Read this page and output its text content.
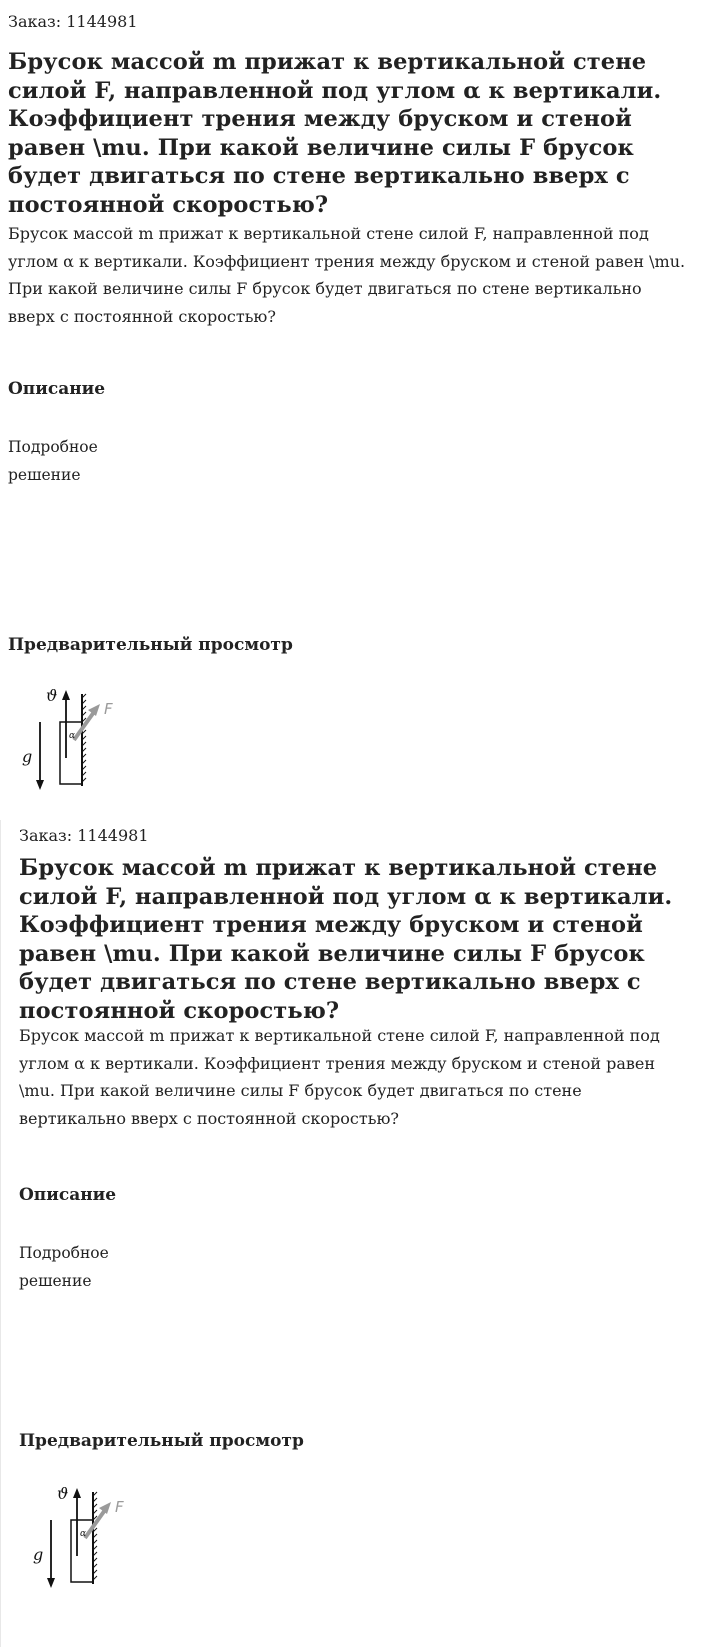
Заказ: 1144981
Брусок массой m прижат к вертикальной стене силой F, направленной под углом α к вертикали. Коэффициент трения между бруском и стеной равен \mu. При какой величине силы F брусок будет двигаться по стене вертикально вверх с постоянной скоростью?
Брусок массой m прижат к вертикальной стене силой F, направленной под углом α к вертикали. Коэффициент трения между бруском и стеной равен \mu. При какой величине силы F брусок будет двигаться по стене вертикально вверх с постоянной скоростью?
Описание
Подробное
решение
Предварительный просмотр
ϑ
g
F
α
Заказ: 1144981
Брусок массой m прижат к вертикальной стене силой F, направленной под углом α к вертикали. Коэффициент трения между бруском и стеной равен \mu. При какой величине силы F брусок будет двигаться по стене вертикально вверх с постоянной скоростью?
Брусок массой m прижат к вертикальной стене силой F, направленной под углом α к вертикали. Коэффициент трения между бруском и стеной равен \mu. При какой величине силы F брусок будет двигаться по стене вертикально вверх с постоянной скоростью?
Описание
Подробное
решение
Предварительный просмотр
ϑ
g
F
α
